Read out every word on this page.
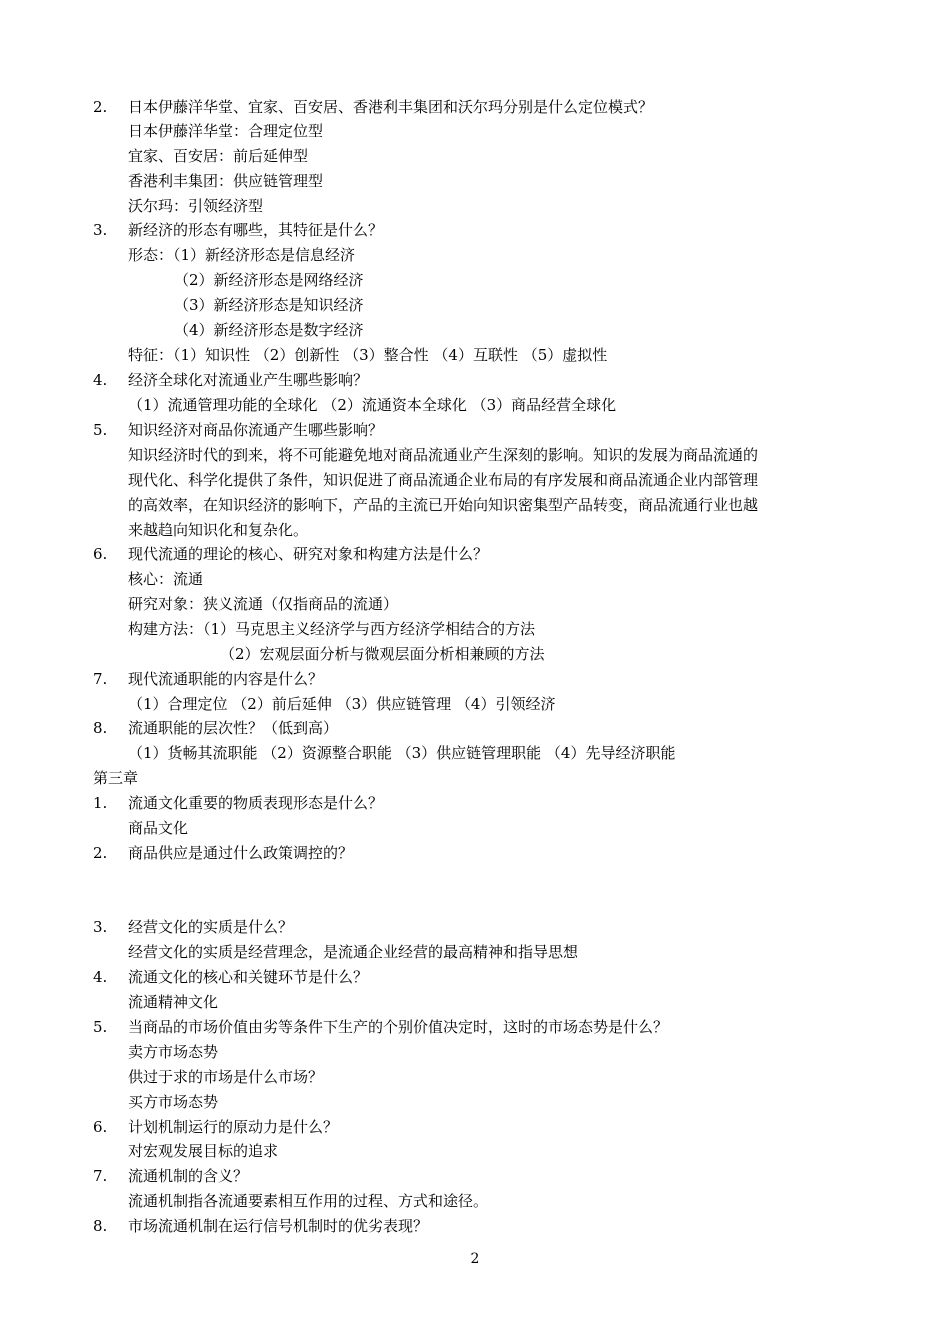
2. 日本伊藤洋华堂、宜家、百安居、香港利丰集团和沃尔玛分别是什么定位模式？
日本伊藤洋华堂：合理定位型
宜家、百安居：前后延伸型
香港利丰集团：供应链管理型
沃尔玛：引领经济型
3. 新经济的形态有哪些，其特征是什么？
形态：（1）新经济形态是信息经济
（2）新经济形态是网络经济
（3）新经济形态是知识经济
（4）新经济形态是数字经济
特征：（1）知识性 （2）创新性 （3）整合性 （4）互联性 （5）虚拟性
4. 经济全球化对流通业产生哪些影响？
（1）流通管理功能的全球化 （2）流通资本全球化 （3）商品经营全球化
5. 知识经济对商品你流通产生哪些影响？
知识经济时代的到来，将不可能避免地对商品流通业产生深刻的影响。知识的发展为商品流通的
现代化、科学化提供了条件，知识促进了商品流通企业布局的有序发展和商品流通企业内部管理
的高效率，在知识经济的影响下，产品的主流已开始向知识密集型产品转变，商品流通行业也越
来越趋向知识化和复杂化。
6. 现代流通的理论的核心、研究对象和构建方法是什么？
核心：流通
研究对象：狭义流通（仅指商品的流通）
构建方法：（1）马克思主义经济学与西方经济学相结合的方法
（2）宏观层面分析与微观层面分析相兼顾的方法
7. 现代流通职能的内容是什么？
（1）合理定位 （2）前后延伸 （3）供应链管理 （4）引领经济
8. 流通职能的层次性？（低到高）
（1）货畅其流职能 （2）资源整合职能 （3）供应链管理职能 （4）先导经济职能
第三章
1. 流通文化重要的物质表现形态是什么？
商品文化
2. 商品供应是通过什么政策调控的？
3. 经营文化的实质是什么？
经营文化的实质是经营理念，是流通企业经营的最高精神和指导思想
4. 流通文化的核心和关键环节是什么？
流通精神文化
5. 当商品的市场价值由劣等条件下生产的个别价值决定时，这时的市场态势是什么？
卖方市场态势
供过于求的市场是什么市场？
买方市场态势
6. 计划机制运行的原动力是什么？
对宏观发展目标的追求
7. 流通机制的含义？
流通机制指各流通要素相互作用的过程、方式和途径。
8. 市场流通机制在运行信号机制时的优劣表现？
2
